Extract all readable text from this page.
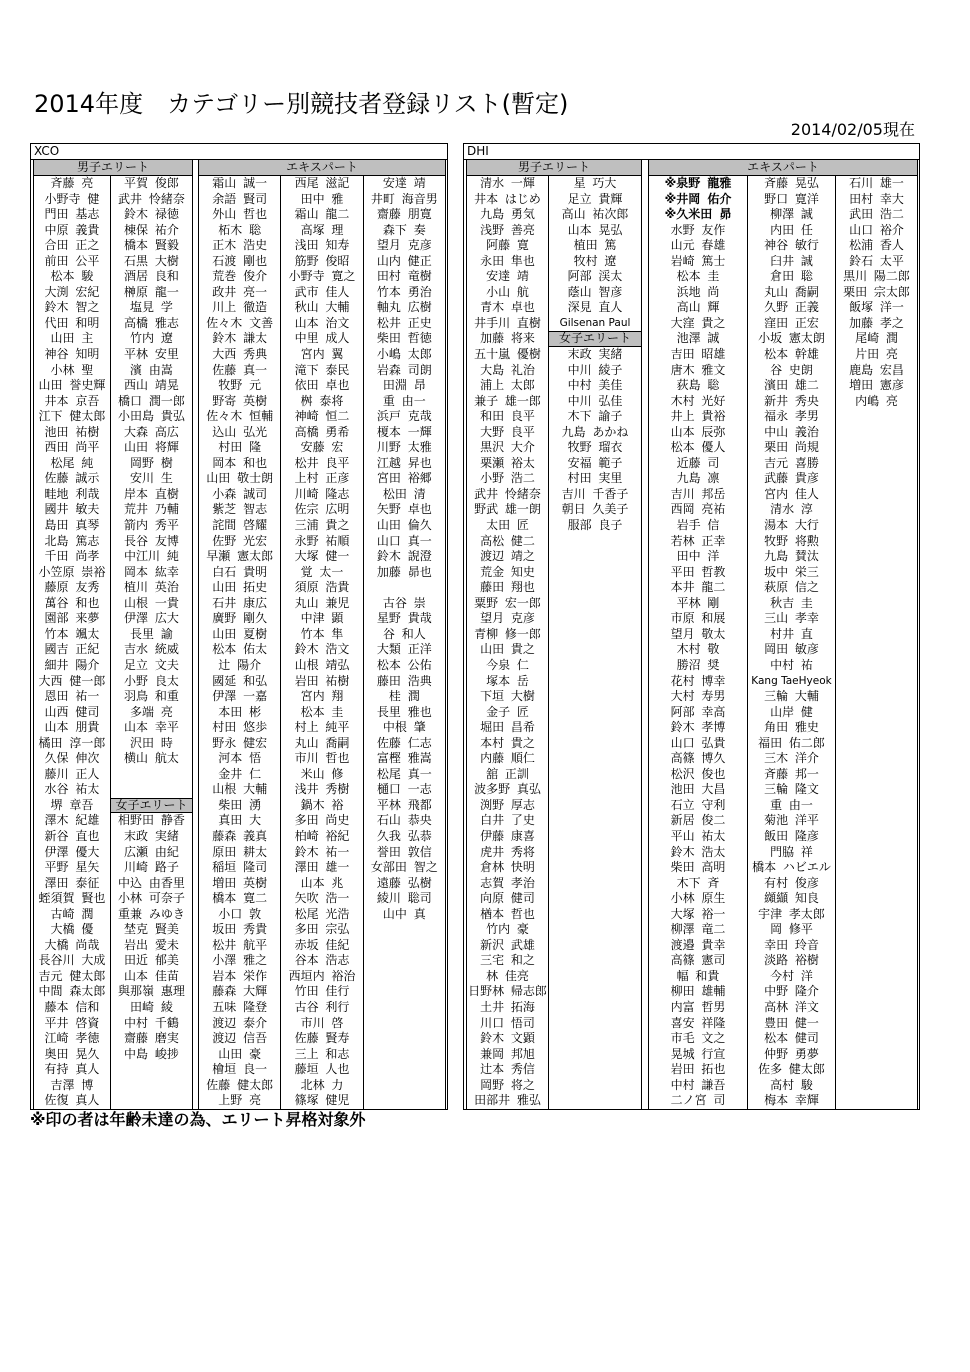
2014年度　カテゴリー別競技者登録リスト(暫定)
2014/02/05現在
XCO
男子エリート
斉藤 亮
小野寺 健
門田 基志
中原 義貴
合田 正之
前田 公平
松本 駿
大渕 宏紀
鈴木 智之
代田 和明
山田 主
神谷 知明
小林 聖
山田 誉史輝
井本 京吾
江下 健太郎
池田 祐樹
西田 尚平
松尾 純
佐藤 誠示
畦地 利哉
國井 敏夫
島田 真琴
北島 篤志
千田 尚孝
小笠原 崇裕
藤原 友秀
萬谷 和也
園部 来夢
竹本 颯太
國吉 正紀
細井 陽介
大西 健一郎
恩田 祐一
山西 健司
山本 朋貴
橘田 淳一郎
久保 伸次
藤川 正人
水谷 祐太
堺 章吾
澤木 紀雄
新谷 直也
伊澤 優大
平野 星矢
澤田 泰征
蛭須賀 賢也
古崎 潤
大橋 優
大橋 尚哉
長谷川 大成
吉元 健太郎
中間 森太郎
藤本 信和
平井 啓資
江崎 孝徳
奥田 晃久
有持 真人
吉澤 博
佐復 真人
平賀 俊郎
武井 怜緒奈
鈴木 禄徳
棟保 祐介
橋本 賢毅
石黒 大樹
酒居 良和
榊原 龍一
塩見 学
高橋 雅志
竹内 遼
平林 安里
濱 由嵩
西山 靖晃
橋口 潤一郎
小田島 貴弘
大森 高広
山田 将輝
岡野 樹
安川 生
岸本 直樹
荒井 乃輔
箭内 秀平
長谷 友博
中江川 純
岡本 紘幸
植川 英治
山根 一貴
伊澤 広大
長里 諭
吉水 統威
足立 文夫
小野 良太
羽鳥 和重
多端 亮
山本 幸平
沢田 時
横山 航太
女子エリート
相野田 静香
末政 実緒
広瀬 由紀
川崎 路子
中込 由香里
小林 可奈子
重兼 みゆき
埜克 賢美
岩出 愛未
田近 郁美
山本 佳苗
與那嶺 惠理
田崎 綾
中村 千鶴
齋藤 磨実
中島 峻捗
エキスパート
霜山 誠一
余語 賢司
外山 哲也
柘木 聡
正木 浩史
石渡 剛也
荒巻 俊介
政井 亮一
川上 徹造
佐々木 文善
鈴木 謙太
大西 秀典
佐藤 真一
牧野 元
野寄 英樹
佐々木 恒輔
込山 弘光
村田 隆
岡本 和也
山田 敬士朗
小森 誠司
紫芝 智志
詫間 啓耀
佐野 光宏
早瀬 憲太郎
白石 貴明
山田 拓史
石井 康広
廣野 剛久
山田 夏樹
松本 佑太
辻 陽介
國延 和弘
伊澤 一嘉
本田 彬
村田 悠歩
野永 健宏
河本 悟
金井 仁
山根 大輔
柴田 湧
真田 大
藤森 義真
原田 耕太
稲垣 隆司
増田 英樹
橋本 寛二
小口 敦
坂田 秀貴
松井 航平
小澤 雅之
岩本 栄作
藤森 大輝
五味 隆登
渡辺 泰介
渡辺 信吾
山田 豪
檜垣 良一
佐藤 健太郎
上野 亮
西尾 滋記
田中 雅
霜山 龍二
高塚 理
浅田 知寿
筋野 俊昭
小野寺 寛之
武市 佳人
秋山 大輔
山本 治文
中里 成人
宮内 翼
滝下 泰民
依田 卓也
桝 泰将
神崎 恒二
高橋 勇希
安藤 宏
松井 良平
上村 正彦
川崎 隆志
佐宗 広明
三浦 貴之
永野 祐順
大塚 健一
覚 太一
須原 浩貴
丸山 兼児
中津 顕
竹本 隼
鈴木 浩文
山根 靖弘
岩田 祐樹
宮内 翔
松本 圭
村上 純平
丸山 喬嗣
市川 哲也
米山 修
浅井 秀樹
鍋木 裕
多田 尚史
柏崎 裕紀
鈴木 祐一
澤田 雄一
山本 兆
矢吹 浩一
松尾 光浩
多田 宗弘
赤坂 佳紀
谷本 浩志
西垣内 裕治
竹田 佳行
古谷 利行
市川 啓
佐藤 賢寿
三上 和志
藤垣 人也
北林 力
篠塚 健児
安達 靖
井町 海音男
齋藤 朋寛
森下 奏
望月 克彦
山内 健正
田村 竜樹
竹本 勇治
軸丸 広樹
松井 正史
柴田 哲徳
小嶋 太郎
岩森 司朗
田淵 昂
重 由一
浜戸 克哉
榎本 一輝
川野 太雅
江越 昇也
宮田 裕郷
松田 清
矢野 卓也
山田 倫久
山口 真一
鈴木 誽澄
加藤 昴也
古谷 崇
星野 貴哉
谷 和人
大類 正洋
松本 公佑
藤田 浩典
桂 潤
長里 雅也
中根 肇
佐藤 仁志
富樫 雅嵩
松尾 真一
樋口 一志
平林 飛都
石山 恭央
久我 弘恭
誉田 敦信
女部田 智之
遠藤 弘樹
綾川 聡司
山中 真
DHI
男子エリート
清水 一輝
井本 はじめ
九島 勇気
浅野 善亮
阿藤 寛
永田 隼也
安達 靖
小山 航
青木 卓也
井手川 直樹
加藤 将来
五十嵐 優樹
大島 礼治
浦上 太郎
兼子 雄一郎
和田 良平
大野 良平
黒沢 大介
栗瀬 裕太
小野 浩二
武井 怜緒奈
野武 雄一朗
太田 匠
高松 健二
渡辺 靖之
荒金 知史
藤田 翔也
粟野 宏一郎
望月 克彦
青柳 修一郎
山田 貴之
今泉 仁
塚本 岳
下垣 大樹
金子 匠
堀田 昌希
本村 貴之
内藤 順仁
舘 正訓
波多野 真弘
渕野 厚志
白井 了史
伊藤 康喜
虎井 秀将
倉林 快明
志賀 孝治
向原 健司
楢本 哲也
竹内 豪
新沢 武雄
三宅 和之
林 佳亮
日野林 帰志郎
土井 拓海
川口 悟司
鈴木 文顕
兼岡 邦旭
辻本 秀信
岡野 将之
田部井 雅弘
星 巧大
足立 貴輝
高山 祐次郎
山本 晃弘
植田 篤
牧村 遼
阿部 渓太
蔭山 智彦
深見 直人
Gilsenan Paul
女子エリート
末政 実緒
中川 綾子
中村 美佳
中川 弘佳
木下 諭子
九島 あかね
牧野 瑠衣
安福 範子
村田 実里
吉川 千香子
朝日 久美子
服部 良子
エキスパート
※泉野 龍雅
※井岡 佑介
※久米田 昴
水野 友作
山元 春雄
岩崎 篤士
松本 圭
浜地 尚
高山 輝
大窪 貴之
池澤 誠
吉田 昭雄
唐木 雅文
荻島 聡
木村 光好
井上 貴裕
山本 辰弥
松本 優人
近藤 司
九島 凛
吉川 邦岳
西岡 亮祐
岩手 信
若林 正幸
田中 洋
平田 哲教
本井 龍二
平林 剛
市原 和展
望月 敬太
木村 敬
勝沼 奨
花村 博幸
大村 寿男
阿部 幸高
鈴木 孝博
山口 弘貴
高篠 博久
松沢 俊也
池田 大昌
石立 守利
新居 俊二
平山 祐太
鈴木 浩太
柴田 高明
木下 斉
小林 原生
大塚 裕一
柳澤 竜二
渡邉 貴幸
高篠 憲司
幅 和貴
柳田 雄輔
内富 哲男
喜安 祥隆
市毛 文之
晃城 行宣
岩田 拓也
中村 謙吾
二ノ宮 司
斉藤 晃弘
野口 寛洋
柳澤 誠
内田 任
神谷 敏行
臼井 誠
倉田 聡
丸山 喬嗣
久野 正義
窪田 正宏
小坂 憲太朗
松本 幹雄
谷 史朗
濱田 雄二
新井 秀央
福永 孝男
中山 義治
栗田 尚規
吉元 喜勝
武藤 貴彦
宮内 佳人
清水 淳
湯本 大行
牧野 将勲
九島 賛汰
坂中 栄三
萩原 信之
秋吉 圭
三山 孝幸
村井 直
岡田 敏彦
中村 祐
Kang TaeHyeok
三輪 大輔
山岸 健
角田 雅史
福田 佑二郎
三木 洋介
斉藤 邦一
三輪 隆文
重 由一
菊池 洋平
飯田 隆彦
門脇 祥
橋本 ハビエル
有村 俊彦
纐纈 知良
宇津 孝太郎
岡 修平
幸田 玲音
淡路 裕樹
今村 洋
中野 隆介
高林 洋文
豊田 健一
松本 健司
仲野 勇夢
佐多 健太郎
高村 駿
梅本 幸輝
石川 雄一
田村 幸大
武田 浩二
山口 裕介
松浦 香人
鈴石 太平
黒川 陽二郎
栗田 宗太郎
飯塚 洋一
加藤 孝之
尾崎 潤
片田 亮
鹿島 宏昌
増田 憲彦
内嶋 亮
※印の者は年齢未達の為、エリート昇格対象外
